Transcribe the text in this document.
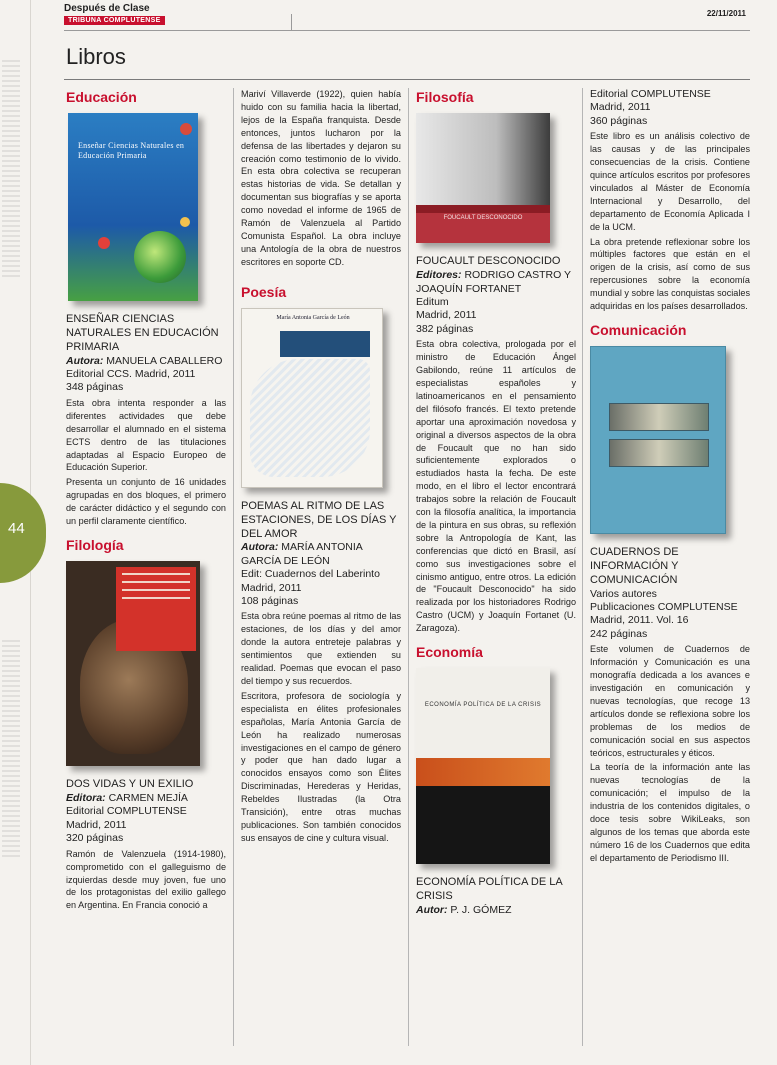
Después de Clase
TRIBUNA COMPLUTENSE
22/11/2011
Libros
Educación
Enseñar Ciencias Naturales en Educación Primaria
ENSEÑAR CIENCIAS NATURALES EN EDUCACIÓN PRIMARIA
Autora: MANUELA CABALLERO
Editorial CCS. Madrid, 2011
348 páginas

Esta obra intenta responder a las diferentes actividades que debe desarrollar el alumnado en el sistema ECTS dentro de las titulaciones adaptadas al Espacio Europeo de Educación Superior.

Presenta un conjunto de 16 unidades agrupadas en dos bloques, el primero de carácter didáctico y el segundo con un perfil claramente científico.

Filología
DOS VIDAS Y UN EXILIO
Editora: CARMEN MEJÍA
Editorial COMPLUTENSE
Madrid, 2011
320 páginas

Ramón de Valenzuela (1914-1980), comprometido con el galleguismo de izquierdas desde muy joven, fue uno de los protagonistas del exilio gallego en Argentina. En Francia conoció a

Mariví Villaverde (1922), quien había huido con su familia hacia la libertad, lejos de la España franquista. Desde entonces, juntos lucharon por la defensa de las libertades y dejaron su creación como testimonio de lo vivido. En esta obra colectiva se recuperan estas historias de vida. Se detallan y documentan sus biografías y se aporta como novedad el informe de 1965 de Ramón de Valenzuela al Partido Comunista Español. La obra incluye una Antología de la obra de nuestros escritores en soporte CD.

Poesía
María Antonia García de León
POEMAS AL RITMO DE LAS ESTACIONES, DE LOS DÍAS Y DEL AMOR
Autora: MARÍA ANTONIA GARCÍA DE LEÓN
Edit: Cuadernos del Laberinto
Madrid, 2011
108 páginas

Esta obra reúne poemas al ritmo de las estaciones, de los días y del amor donde la autora entreteje palabras y sentimientos que extienden su realidad. Poemas que evocan el paso del tiempo y sus recuerdos.

Escritora, profesora de sociología y especialista en élites profesionales españolas, María Antonia García de León ha realizado numerosas investigaciones en el campo de género y poder que han dado lugar a conocidos ensayos como son Élites Discriminadas, Herederas y Heridas, Rebeldes Ilustradas (la Otra Transición), entre otras muchas publicaciones. Son también conocidos sus ensayos de cine y cultura visual.

Filosofía
FOUCAULT DESCONOCIDO
FOUCAULT DESCONOCIDO
Editores: RODRIGO CASTRO Y JOAQUÍN FORTANET
Editum
Madrid, 2011
382 páginas

Esta obra colectiva, prologada por el ministro de Educación Ángel Gabilondo, reúne 11 artículos de especialistas españoles y latinoamericanos en el pensamiento del filósofo francés. El texto pretende aportar una aproximación novedosa y original a diversos aspectos de la obra de Foucault que no han sido suficientemente explorados o estudiados hasta la fecha. De este modo, en el libro el lector encontrará trabajos sobre la relación de Foucault con la filosofía analítica, la importancia de la pintura en sus obras, su reflexión sobre la Antropología de Kant, las conferencias que dictó en Brasil, así como sus investigaciones sobre el cinismo antiguo, entre otros. La edición de "Foucault Desconocido" ha sido realizada por los historiadores Rodrigo Castro (UCM) y Joaquín Fortanet (U. Zaragoza).

Economía
ECONOMÍA POLÍTICA DE LA CRISIS
ECONOMÍA POLÍTICA DE LA CRISIS
Autor: P. J. GÓMEZ
Editorial COMPLUTENSE
Madrid, 2011
360 páginas

Este libro es un análisis colectivo de las causas y de las principales consecuencias de la crisis. Contiene quince artículos escritos por profesores vinculados al Máster de Economía Internacional y Desarrollo, del departamento de Economía Aplicada I de la UCM.

La obra pretende reflexionar sobre los múltiples factores que están en el origen de la crisis, así como de sus repercusiones sobre la economía mundial y sobre las conquistas sociales adquiridas en los países desarrollados.

Comunicación
CUADERNOS DE INFORMACIÓN Y COMUNICACIÓN
Varios autores
Publicaciones COMPLUTENSE
Madrid, 2011. Vol. 16
242 páginas

Este volumen de Cuadernos de Información y Comunicación es una monografía dedicada a los avances e investigación en comunicación y nuevas tecnologías, que recoge 13 artículos donde se reflexiona sobre los problemas de los medios de comunicación social en sus aspectos teóricos, estructurales y éticos.

La teoría de la información ante las nuevas tecnologías de la comunicación; el impulso de la industria de los contenidos digitales, o doce tesis sobre WikiLeaks, son algunos de los temas que aborda este número 16 de los Cuadernos que edita el departamento de Periodismo III.

44
